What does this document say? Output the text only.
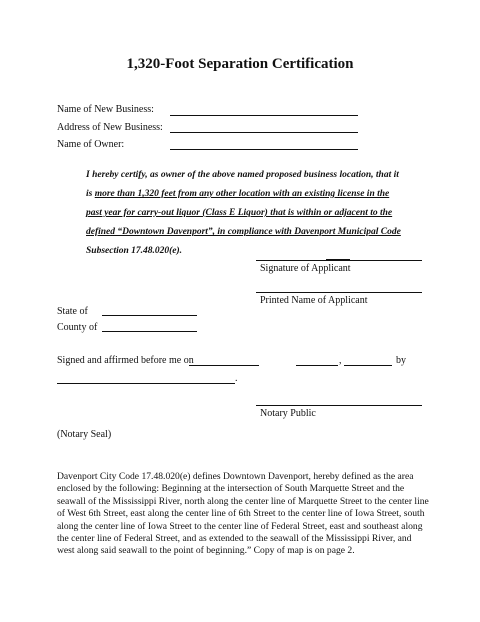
1,320-Foot Separation Certification
Name of New Business:
Address of New Business:
Name of Owner:
I hereby certify, as owner of the above named proposed business location, that it
is more than 1,320 feet from any other location with an existing license in the
past year for carry-out liquor (Class E Liquor) that is within or adjacent to the
defined “Downtown Davenport”, in compliance with Davenport Municipal Code
Subsection 17.48.020(e).
Signature of Applicant
Printed Name of Applicant
State of
County of
Signed and affirmed before me on	,	by
.
Notary Public
(Notary Seal)
Davenport City Code 17.48.020(e) defines Downtown Davenport, hereby defined as the area enclosed by the following: Beginning at the intersection of South Marquette Street and the seawall of the Mississippi River, north along the center line of Marquette Street to the center line of West 6th Street, east along the center line of 6th Street to the center line of Iowa Street, south along the center line of Iowa Street to the center line of Federal Street, east and southeast along the center line of Federal Street, and as extended to the seawall of the Mississippi River, and west along said seawall to the point of beginning.” Copy of map is on page 2.
